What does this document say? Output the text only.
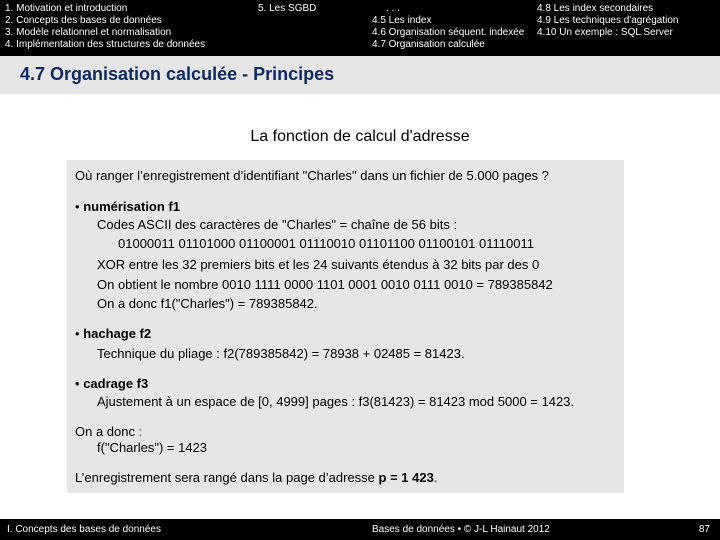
1. Motivation et introduction
2. Concepts des bases de données
3. Modèle relationnel et normalisation
4. Implémentation des structures de données
5. Les SGBD	. . .
4.5 Les index
4.6 Organisation séquent. indexée
4.7 Organisation calculée
4.8 Les index secondaires
4.9 Les techniques d'agrégation
4.10 Un exemple : SQL Server
4.7 Organisation calculée - Principes
La fonction de calcul d'adresse
Où ranger l’enregistrement d’identifiant "Charles" dans un fichier de 5.000 pages ?
• numérisation f1
Codes ASCII des caractères de "Charles" = chaîne de 56 bits :
01000011 01101000 01100001 01110010 01101100 01100101 01110011
XOR entre les 32 premiers bits et les 24 suivants étendus à 32 bits par des 0
On obtient le nombre 0010 1111 0000 1101 0001 0010 0111 0010 = 789385842
On a donc f1("Charles") = 789385842.
• hachage f2
Technique du pliage : f2(789385842) = 78938 + 02485 = 81423.
• cadrage f3
Ajustement à un espace de [0, 4999] pages : f3(81423) = 81423 mod 5000 = 1423.
On a donc :
f("Charles") = 1423
L’enregistrement sera rangé dans la page d’adresse p = 1 423.
I. Concepts des bases de données	Bases de données • © J-L Hainaut 2012	87
